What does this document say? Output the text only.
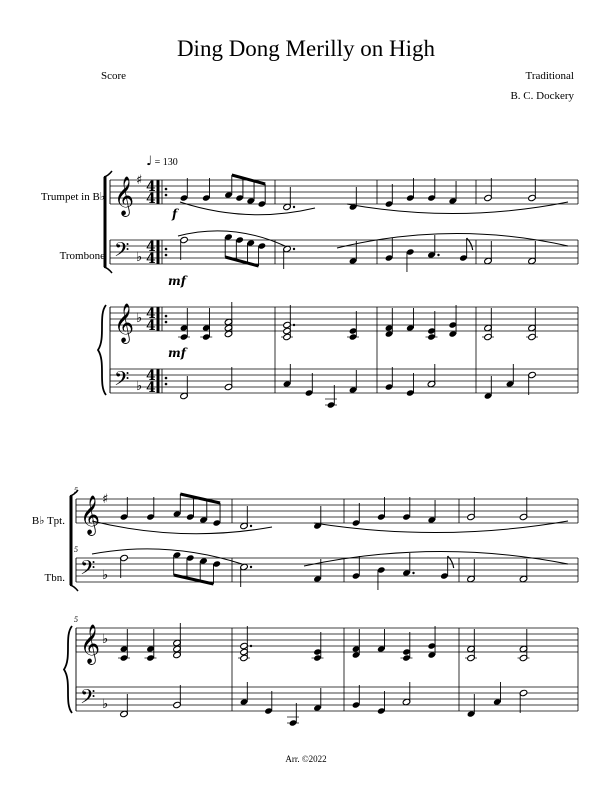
Ding Dong Merilly on High
Score	Traditional
B. C. Dockery
♩ = 130
Trumpet in B♭
Trombone
B♭ Tpt.
Tbn.
Arr. ©2022
𝄞 ♯ 4
4
𝄢 ♭
4
4
𝄞 ♭ 4
4
𝄢 ♭
4
4
𝄞 ♯
𝄢 ♭
𝄞 ♭
𝄢 ♭
5
5
5
f
mf
mf
